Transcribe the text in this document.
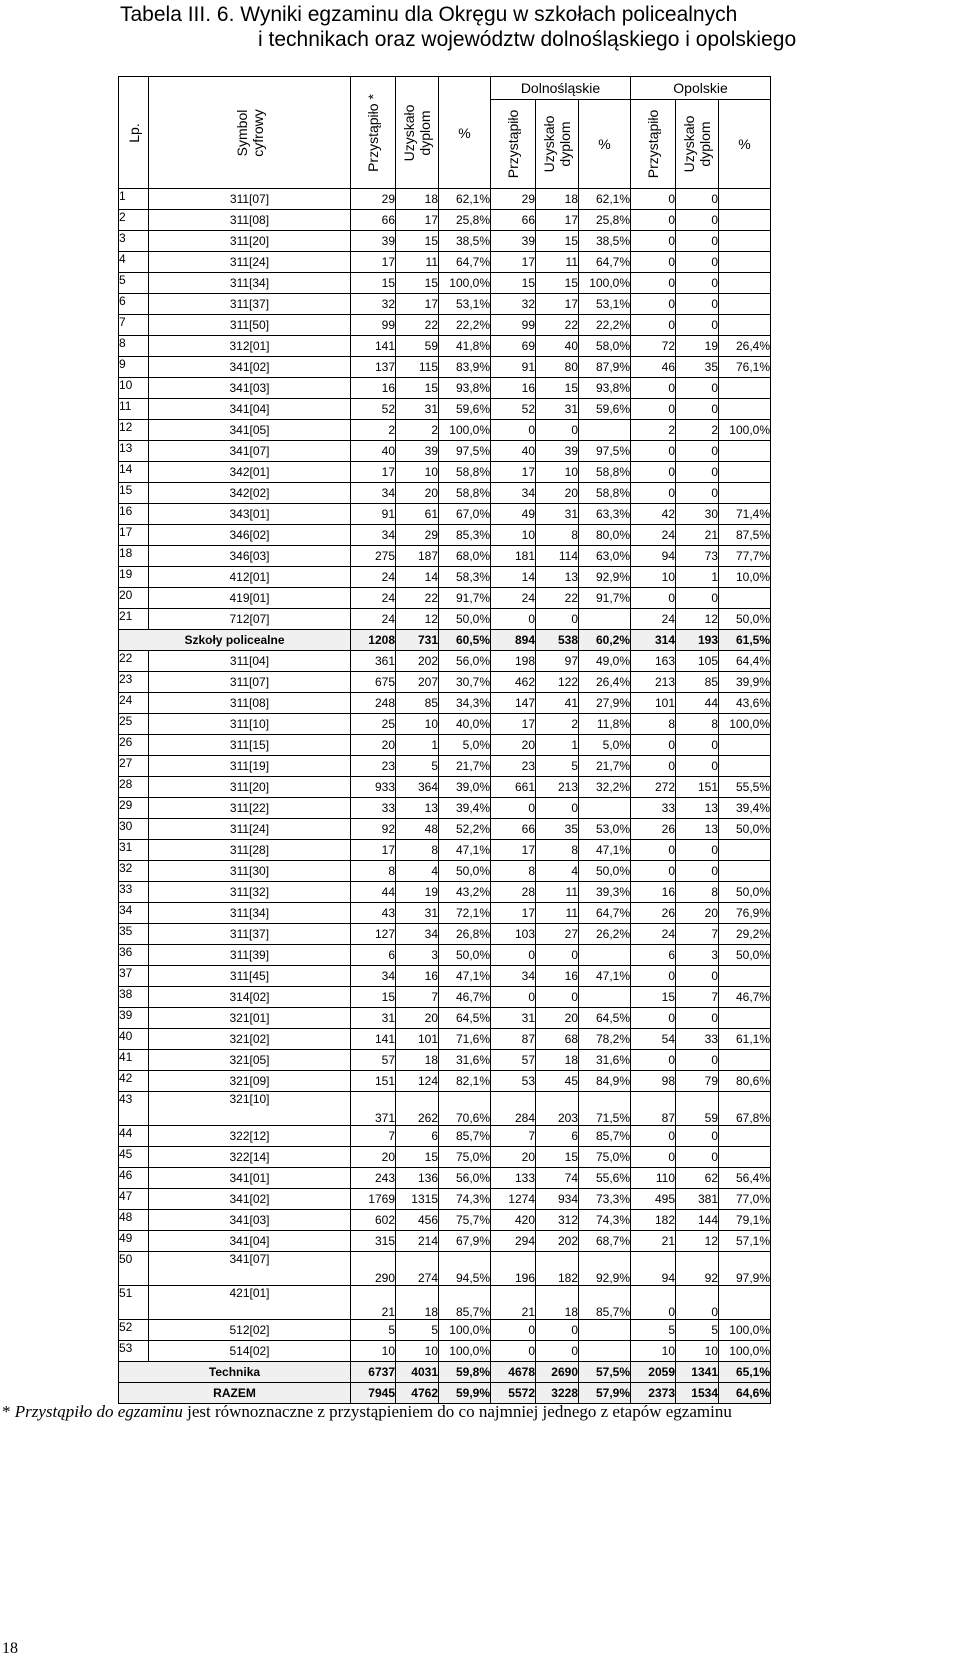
Tabela III. 6. Wyniki egzaminu dla Okręgu w szkołach policealnych
i technikach oraz województw dolnośląskiego i opolskiego
Lp.	Symbol cyfrowy	Przystąpiło *	Uzyskało dyplom	%	Dolnośląskie			Opolskie		

					Przystąpiło	Uzyskało dyplom	%	Przystąpiło	Uzyskało dyplom	%
1	311[07]	29	18	62,1%	29	18	62,1%	0	0	
2	311[08]	66	17	25,8%	66	17	25,8%	0	0	
3	311[20]	39	15	38,5%	39	15	38,5%	0	0	
4	311[24]	17	11	64,7%	17	11	64,7%	0	0	
5	311[34]	15	15	100,0%	15	15	100,0%	0	0	
6	311[37]	32	17	53,1%	32	17	53,1%	0	0	
7	311[50]	99	22	22,2%	99	22	22,2%	0	0	
8	312[01]	141	59	41,8%	69	40	58,0%	72	19	26,4%
9	341[02]	137	115	83,9%	91	80	87,9%	46	35	76,1%
10	341[03]	16	15	93,8%	16	15	93,8%	0	0	
11	341[04]	52	31	59,6%	52	31	59,6%	0	0	
12	341[05]	2	2	100,0%	0	0		2	2	100,0%
13	341[07]	40	39	97,5%	40	39	97,5%	0	0	
14	342[01]	17	10	58,8%	17	10	58,8%	0	0	
15	342[02]	34	20	58,8%	34	20	58,8%	0	0	
16	343[01]	91	61	67,0%	49	31	63,3%	42	30	71,4%
17	346[02]	34	29	85,3%	10	8	80,0%	24	21	87,5%
18	346[03]	275	187	68,0%	181	114	63,0%	94	73	77,7%
19	412[01]	24	14	58,3%	14	13	92,9%	10	1	10,0%
20	419[01]	24	22	91,7%	24	22	91,7%	0	0	
21	712[07]	24	12	50,0%	0	0		24	12	50,0%
Szkoły policealne		1208	731	60,5%	894	538	60,2%	314	193	61,5%
22	311[04]	361	202	56,0%	198	97	49,0%	163	105	64,4%
23	311[07]	675	207	30,7%	462	122	26,4%	213	85	39,9%
24	311[08]	248	85	34,3%	147	41	27,9%	101	44	43,6%
25	311[10]	25	10	40,0%	17	2	11,8%	8	8	100,0%
26	311[15]	20	1	5,0%	20	1	5,0%	0	0	
27	311[19]	23	5	21,7%	23	5	21,7%	0	0	
28	311[20]	933	364	39,0%	661	213	32,2%	272	151	55,5%
29	311[22]	33	13	39,4%	0	0		33	13	39,4%
30	311[24]	92	48	52,2%	66	35	53,0%	26	13	50,0%
31	311[28]	17	8	47,1%	17	8	47,1%	0	0	
32	311[30]	8	4	50,0%	8	4	50,0%	0	0	
33	311[32]	44	19	43,2%	28	11	39,3%	16	8	50,0%
34	311[34]	43	31	72,1%	17	11	64,7%	26	20	76,9%
35	311[37]	127	34	26,8%	103	27	26,2%	24	7	29,2%
36	311[39]	6	3	50,0%	0	0		6	3	50,0%
37	311[45]	34	16	47,1%	34	16	47,1%	0	0	
38	314[02]	15	7	46,7%	0	0		15	7	46,7%
39	321[01]	31	20	64,5%	31	20	64,5%	0	0	
40	321[02]	141	101	71,6%	87	68	78,2%	54	33	61,1%
41	321[05]	57	18	31,6%	57	18	31,6%	0	0	
42	321[09]	151	124	82,1%	53	45	84,9%	98	79	80,6%
43	321[10]	371	262	70,6%	284	203	71,5%	87	59	67,8%
44	322[12]	7	6	85,7%	7	6	85,7%	0	0	
45	322[14]	20	15	75,0%	20	15	75,0%	0	0	
46	341[01]	243	136	56,0%	133	74	55,6%	110	62	56,4%
47	341[02]	1769	1315	74,3%	1274	934	73,3%	495	381	77,0%
48	341[03]	602	456	75,7%	420	312	74,3%	182	144	79,1%
49	341[04]	315	214	67,9%	294	202	68,7%	21	12	57,1%
50	341[07]	290	274	94,5%	196	182	92,9%	94	92	97,9%
51	421[01]	21	18	85,7%	21	18	85,7%	0	0	
52	512[02]	5	5	100,0%	0	0		5	5	100,0%
53	514[02]	10	10	100,0%	0	0		10	10	100,0%
Technika		6737	4031	59,8%	4678	2690	57,5%	2059	1341	65,1%
RAZEM		7945	4762	59,9%	5572	3228	57,9%	2373	1534	64,6%
* Przystąpiło do egzaminu jest równoznaczne z przystąpieniem do co najmniej jednego z etapów egzaminu
18
